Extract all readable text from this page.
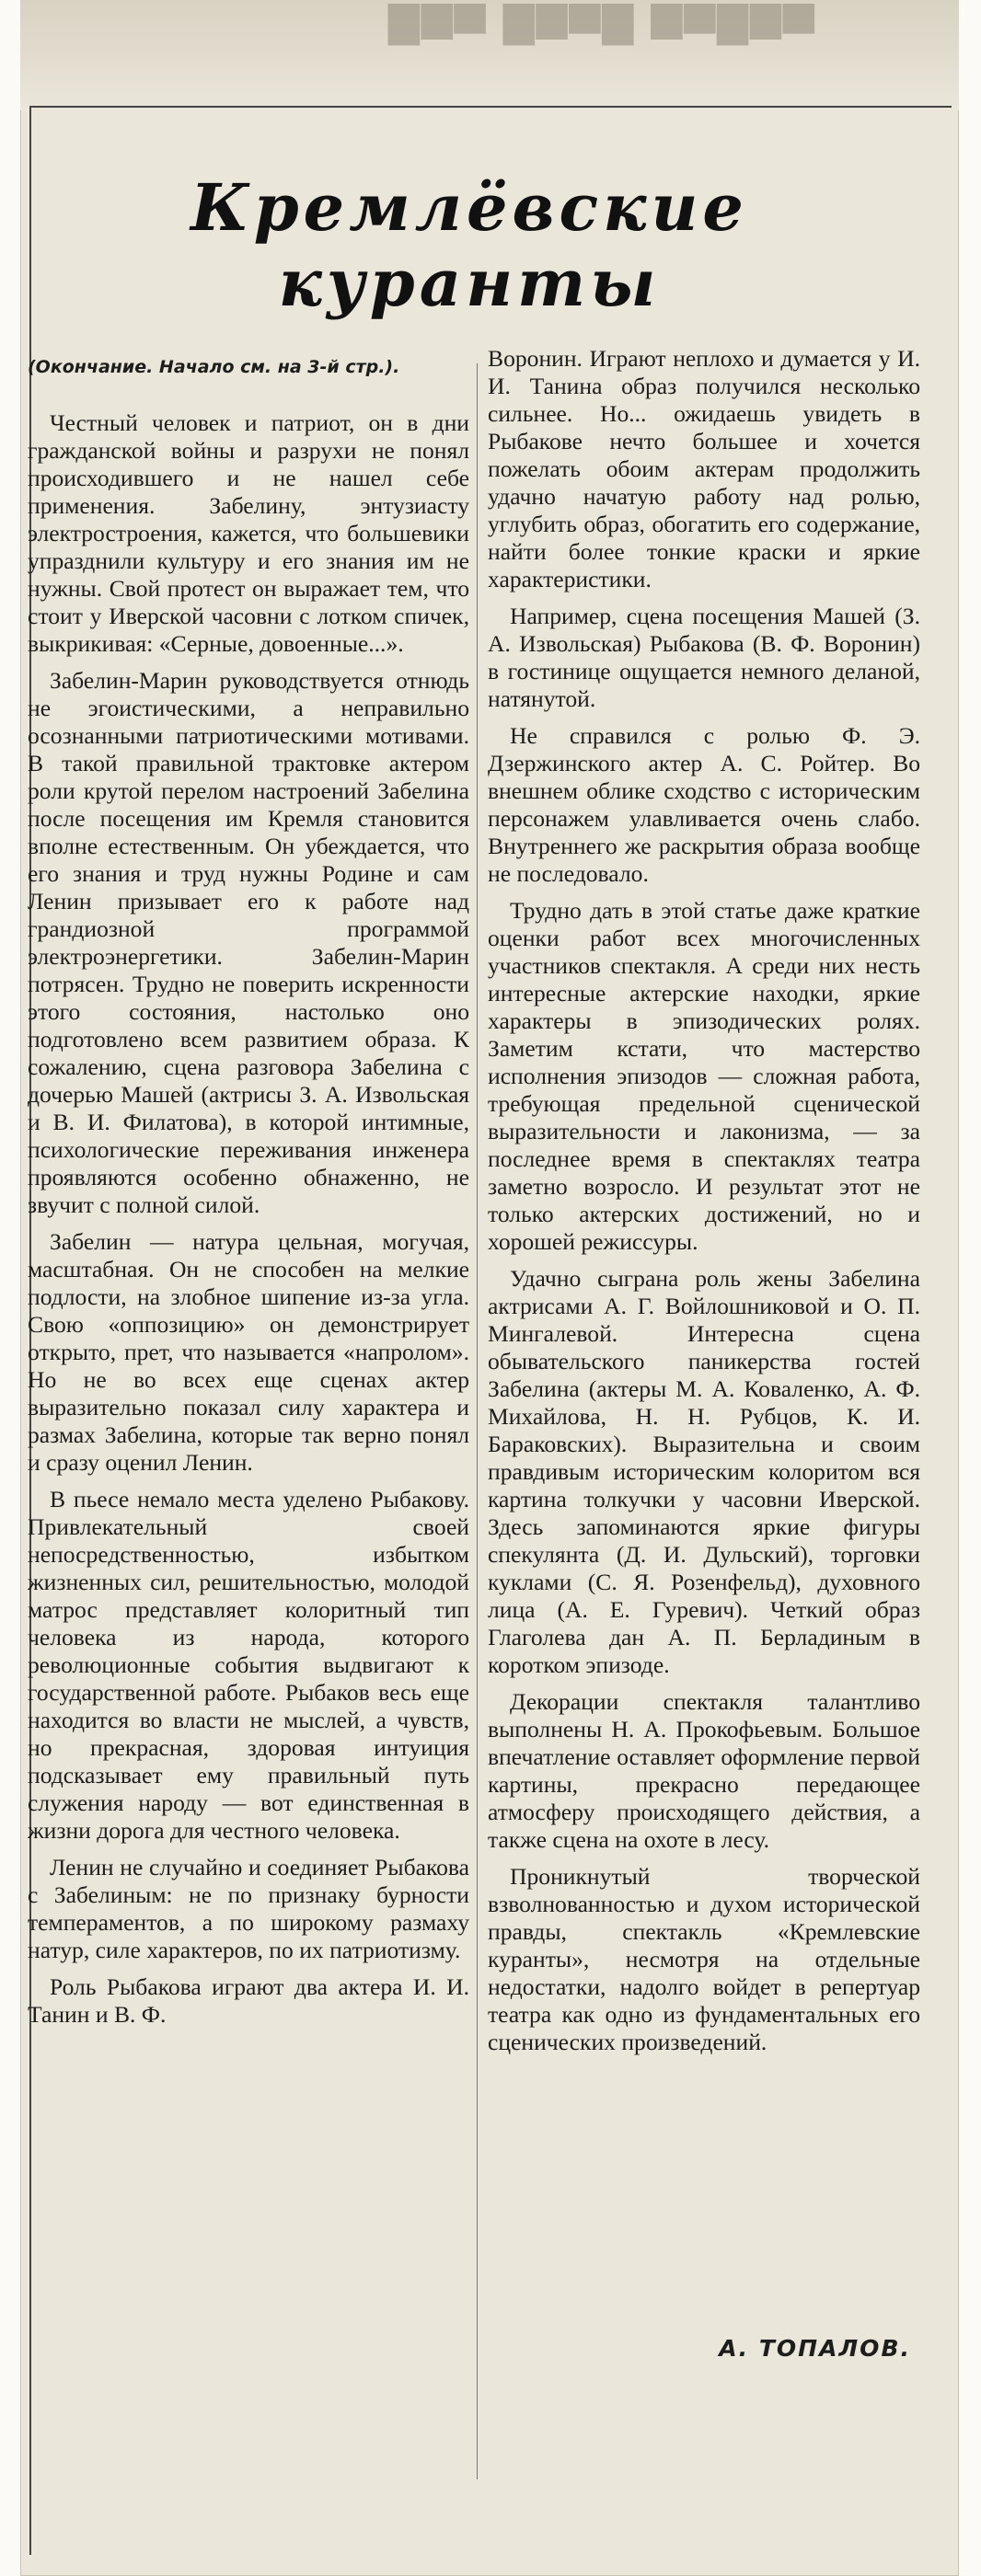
▇▆▅ ▇▆▅▇ ▆▅▇▆▅
Кремлёвские
куранты
(Окончание. Начало см. на 3-й стр.).

Честный человек и патриот, он в дни гражданской войны и разрухи не понял происходившего и не нашел себе применения. Забелину, энтузиасту электростроения, кажется, что большевики упразднили культуру и его знания им не нужны. Свой протест он выражает тем, что стоит у Иверской часовни с лотком спичек, выкрикивая: «Серные, довоенные...».

Забелин-Марин руководствуется отнюдь не эгоистическими, а неправильно осознанными патриотическими мотивами. В такой правильной трактовке актером роли крутой перелом настроений Забелина после посещения им Кремля становится вполне естественным. Он убеждается, что его знания и труд нужны Родине и сам Ленин призывает его к работе над грандиозной программой электроэнергетики. Забелин-Марин потрясен. Трудно не поверить искренности этого состояния, настолько оно подготовлено всем развитием образа. К сожалению, сцена разговора Забелина с дочерью Машей (актрисы З. А. Извольская и В. И. Филатова), в которой интимные, психологические переживания инженера проявляются особенно обнаженно, не звучит с полной силой.

Забелин — натура цельная, могучая, масштабная. Он не способен на мелкие подлости, на злобное шипение из-за угла. Свою «оппозицию» он демонстрирует открыто, прет, что называется «напролом». Но не во всех еще сценах актер выразительно показал силу характера и размах Забелина, которые так верно понял и сразу оценил Ленин.

В пьесе немало места уделено Рыбакову. Привлекательный своей непосредственностью, избытком жизненных сил, решительностью, молодой матрос представляет колоритный тип человека из народа, которого революционные события выдвигают к государственной работе. Рыбаков весь еще находится во власти не мыслей, а чувств, но прекрасная, здоровая интуиция подсказывает ему правильный путь служения народу — вот единственная в жизни дорога для честного человека.

Ленин не случайно и соединяет Рыбакова с Забелиным: не по признаку бурности темпераментов, а по широкому размаху натур, силе характеров, по их патриотизму.

Роль Рыбакова играют два актера И. И. Танин и В. Ф.

Воронин. Играют неплохо и думается у И. И. Танина образ получился несколько сильнее. Но... ожидаешь увидеть в Рыбакове нечто большее и хочется пожелать обоим актерам продолжить удачно начатую работу над ролью, углубить образ, обогатить его содержание, найти более тонкие краски и яркие характеристики.

Например, сцена посещения Машей (З. А. Извольская) Рыбакова (В. Ф. Воронин) в гостинице ощущается немного деланой, натянутой.

Не справился с ролью Ф. Э. Дзержинского актер А. С. Ройтер. Во внешнем облике сходство с историческим персонажем улавливается очень слабо. Внутреннего же раскрытия образа вообще не последовало.

Трудно дать в этой статье даже краткие оценки работ всех многочисленных участников спектакля. А среди них несть интересные актерские находки, яркие характеры в эпизодических ролях. Заметим кстати, что мастерство исполнения эпизодов — сложная работа, требующая предельной сценической выразительности и лаконизма, — за последнее время в спектаклях театра заметно возросло. И результат этот не только актерских достижений, но и хорошей режиссуры.

Удачно сыграна роль жены Забелина актрисами А. Г. Войлошниковой и О. П. Мингалевой. Интересна сцена обывательского паникерства гостей Забелина (актеры М. А. Коваленко, А. Ф. Михайлова, Н. Н. Рубцов, К. И. Бараковских). Выразительна и своим правдивым историческим колоритом вся картина толкучки у часовни Иверской. Здесь запоминаются яркие фигуры спекулянта (Д. И. Дульский), торговки куклами (С. Я. Розенфельд), духовного лица (А. Е. Гуревич). Четкий образ Глаголева дан А. П. Берладиным в коротком эпизоде.

Декорации спектакля талантливо выполнены Н. А. Прокофьевым. Большое впечатление оставляет оформление первой картины, прекрасно передающее атмосферу происходящего действия, а также сцена на охоте в лесу.

Проникнутый творческой взволнованностью и духом исторической правды, спектакль «Кремлевские куранты», несмотря на отдельные недостатки, надолго войдет в репертуар театра как одно из фундаментальных его сценических произведений.

А. ТОПАЛОВ.
